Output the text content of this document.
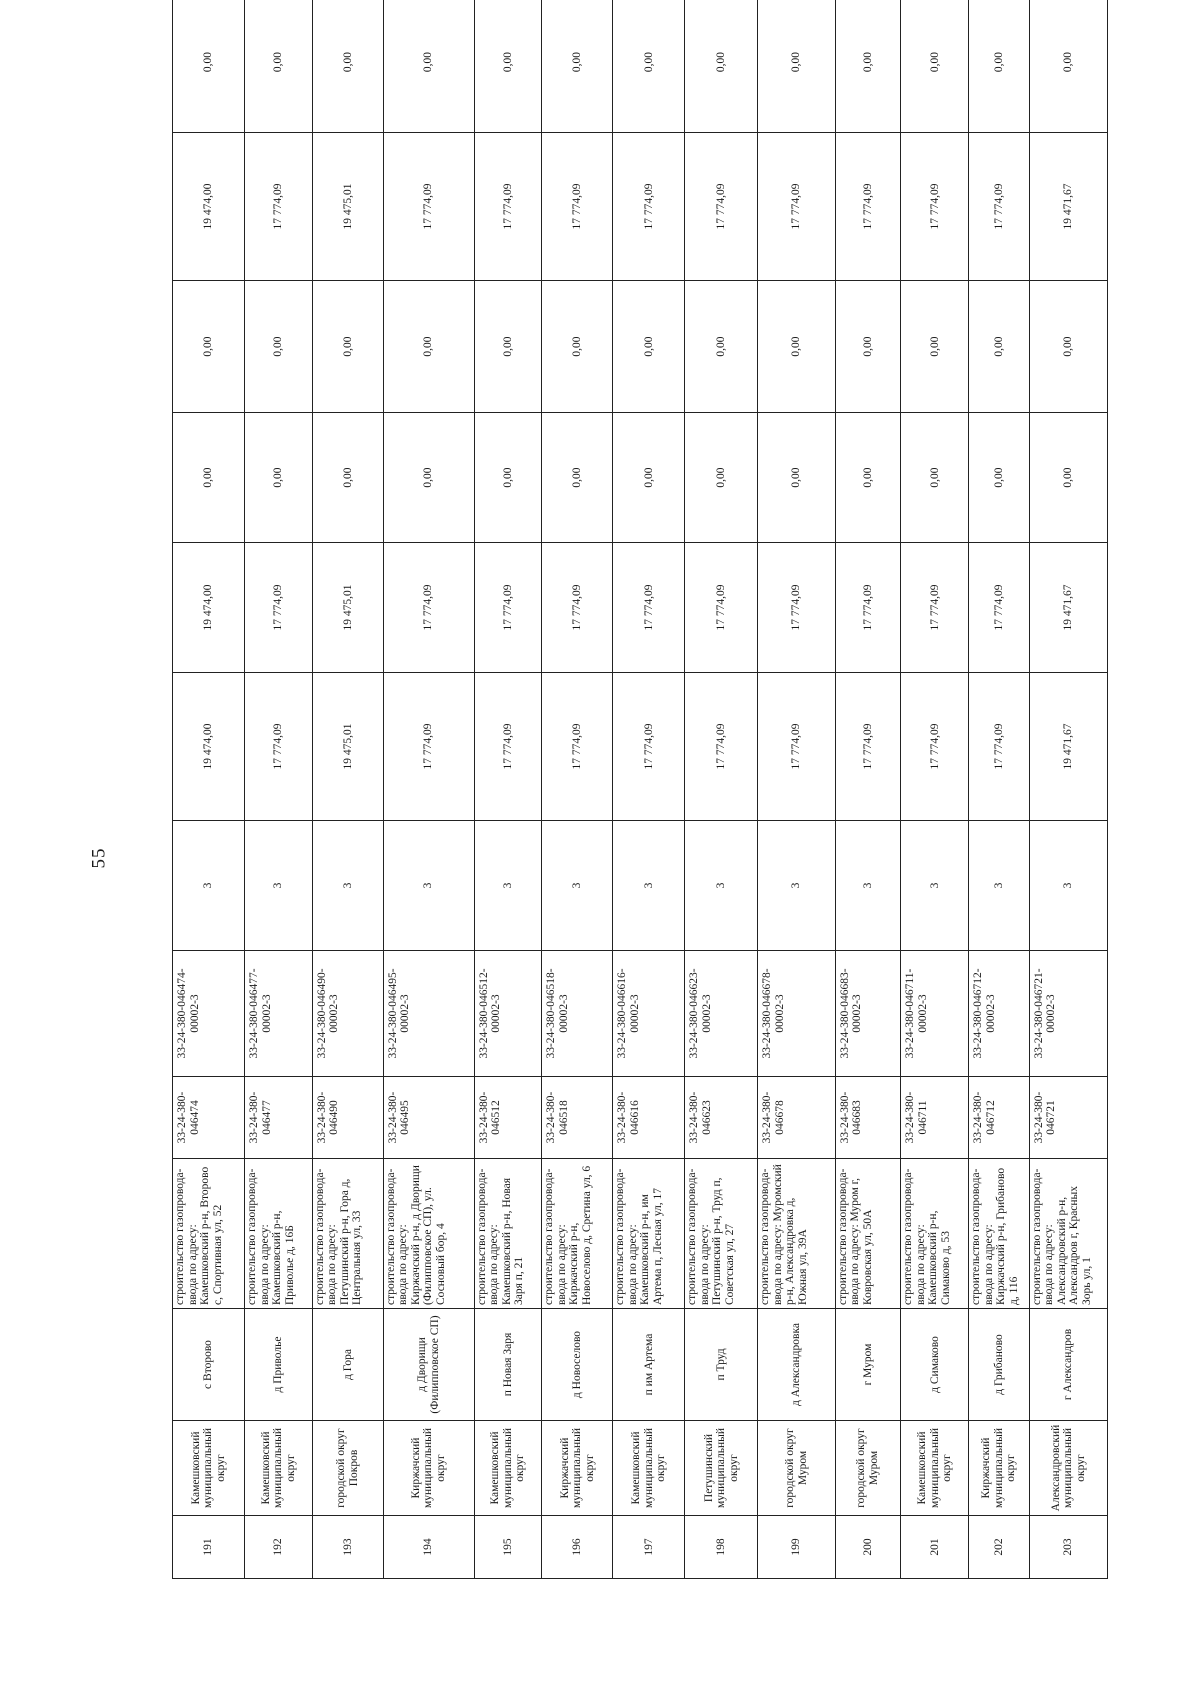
55
191	Камешковский муниципальный округ	с Второво	строительство газопровода-ввода по адресу: Камешковский р-н, Второво с, Спортивная ул, 52	33-24-380-046474	33-24-380-046474-00002-3	3	19 474,00	19 474,00	0,00	0,00	19 474,00	0,00
192	Камешковский муниципальный округ	д Приволье	строительство газопровода-ввода по адресу: Камешковский р-н, Приволье д, 16Б	33-24-380-046477	33-24-380-046477-00002-3	3	17 774,09	17 774,09	0,00	0,00	17 774,09	0,00
193	городской округ Покров	д Гора	строительство газопровода-ввода по адресу: Петушинский р-н, Гора д, Центральная ул, 33	33-24-380-046490	33-24-380-046490-00002-3	3	19 475,01	19 475,01	0,00	0,00	19 475,01	0,00
194	Киржачский муниципальный округ	д Дворищи (Филипповское СП)	строительство газопровода-ввода по адресу: Киржачский р-н, д Дворищи (Филипповское СП), ул. Сосновый бор, 4	33-24-380-046495	33-24-380-046495-00002-3	3	17 774,09	17 774,09	0,00	0,00	17 774,09	0,00
195	Камешковский муниципальный округ	п Новая Заря	строительство газопровода-ввода по адресу: Камешковский р-н, Новая Заря п, 21	33-24-380-046512	33-24-380-046512-00002-3	3	17 774,09	17 774,09	0,00	0,00	17 774,09	0,00
196	Киржачский муниципальный округ	д Новоселово	строительство газопровода-ввода по адресу: Киржачский р-н, Новоселово д, Сретина ул, 6	33-24-380-046518	33-24-380-046518-00002-3	3	17 774,09	17 774,09	0,00	0,00	17 774,09	0,00
197	Камешковский муниципальный округ	п им Артема	строительство газопровода-ввода по адресу: Камешковский р-н, им Артема п, Лесная ул, 17	33-24-380-046616	33-24-380-046616-00002-3	3	17 774,09	17 774,09	0,00	0,00	17 774,09	0,00
198	Петушинский муниципальный округ	п Труд	строительство газопровода-ввода по адресу: Петушинский р-н, Труд п, Советская ул, 27	33-24-380-046623	33-24-380-046623-00002-3	3	17 774,09	17 774,09	0,00	0,00	17 774,09	0,00
199	городской округ Муром	д Александровка	строительство газопровода-ввода по адресу: Муромский р-н, Александровка д, Южная ул, 39А	33-24-380-046678	33-24-380-046678-00002-3	3	17 774,09	17 774,09	0,00	0,00	17 774,09	0,00
200	городской округ Муром	г Муром	строительство газопровода-ввода по адресу: Муром г, Ковровская ул, 50А	33-24-380-046683	33-24-380-046683-00002-3	3	17 774,09	17 774,09	0,00	0,00	17 774,09	0,00
201	Камешковский муниципальный округ	д Симаково	строительство газопровода-ввода по адресу: Камешковский р-н, Симаково д, 53	33-24-380-046711	33-24-380-046711-00002-3	3	17 774,09	17 774,09	0,00	0,00	17 774,09	0,00
202	Киржачский муниципальный округ	д Грибаново	строительство газопровода-ввода по адресу: Киржачский р-н, Грибаново д, 116	33-24-380-046712	33-24-380-046712-00002-3	3	17 774,09	17 774,09	0,00	0,00	17 774,09	0,00
203	Александровский муниципальный округ	г Александров	строительство газопровода-ввода по адресу: Александровский р-н, Александров г, Красных Зорь ул, 1	33-24-380-046721	33-24-380-046721-00002-3	3	19 471,67	19 471,67	0,00	0,00	19 471,67	0,00
